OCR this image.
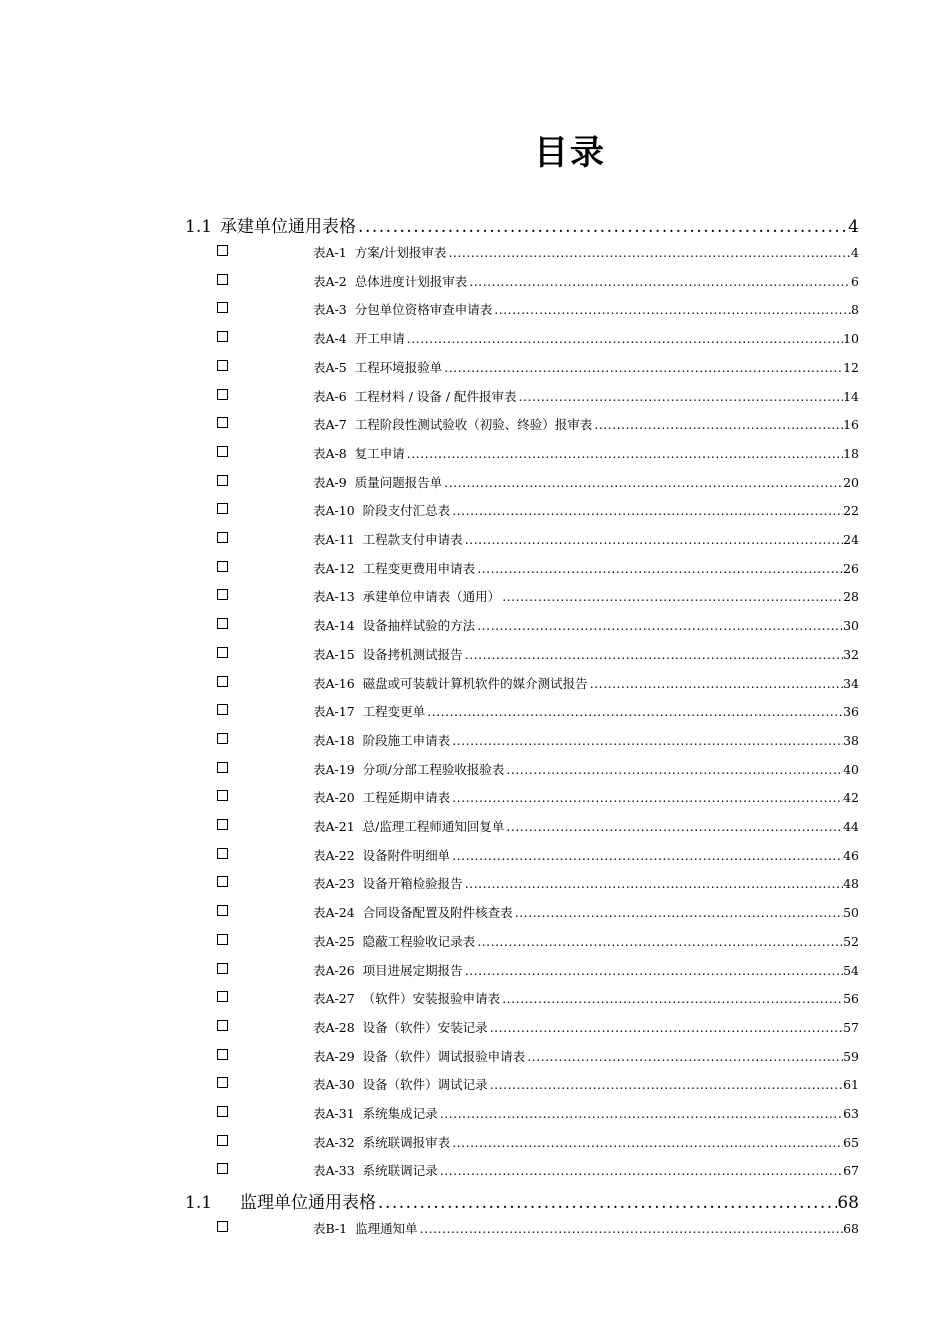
目录
1.1 承建单位通用表格 .....	4
表A-1 方案/计划报审表 .....	4
表A-2 总体进度计划报审表 .....	6
表A-3 分包单位资格审查申请表 .....	8
表A-4 开工申请 .....	10
表A-5 工程环境报验单 .....	12
表A-6 工程材料 / 设备 / 配件报审表 .....	14
表A-7 工程阶段性测试验收（初验、终验）报审表 .....	16
表A-8 复工申请 .....	18
表A-9 质量问题报告单 .....	20
表A-10 阶段支付汇总表 .....	22
表A-11 工程款支付申请表 .....	24
表A-12 工程变更费用申请表 .....	26
表A-13 承建单位申请表（通用） .....	28
表A-14 设备抽样试验的方法 .....	30
表A-15 设备拷机测试报告 .....	32
表A-16 磁盘或可装载计算机软件的媒介测试报告 .....	34
表A-17 工程变更单 .....	36
表A-18 阶段施工申请表 .....	38
表A-19 分项/分部工程验收报验表 .....	40
表A-20 工程延期申请表 .....	42
表A-21 总/监理工程师通知回复单 .....	44
表A-22 设备附件明细单 .....	46
表A-23 设备开箱检验报告 .....	48
表A-24 合同设备配置及附件核查表 .....	50
表A-25 隐蔽工程验收记录表 .....	52
表A-26 项目进展定期报告 .....	54
表A-27 （软件）安装报验申请表 .....	56
表A-28 设备（软件）安装记录 .....	57
表A-29 设备（软件）调试报验申请表 .....	59
表A-30 设备（软件）调试记录 .....	61
表A-31 系统集成记录 .....	63
表A-32 系统联调报审表 .....	65
表A-33 系统联调记录 .....	67
1.1 监理单位通用表格 .....	68
表B-1 监理通知单 .....	68
